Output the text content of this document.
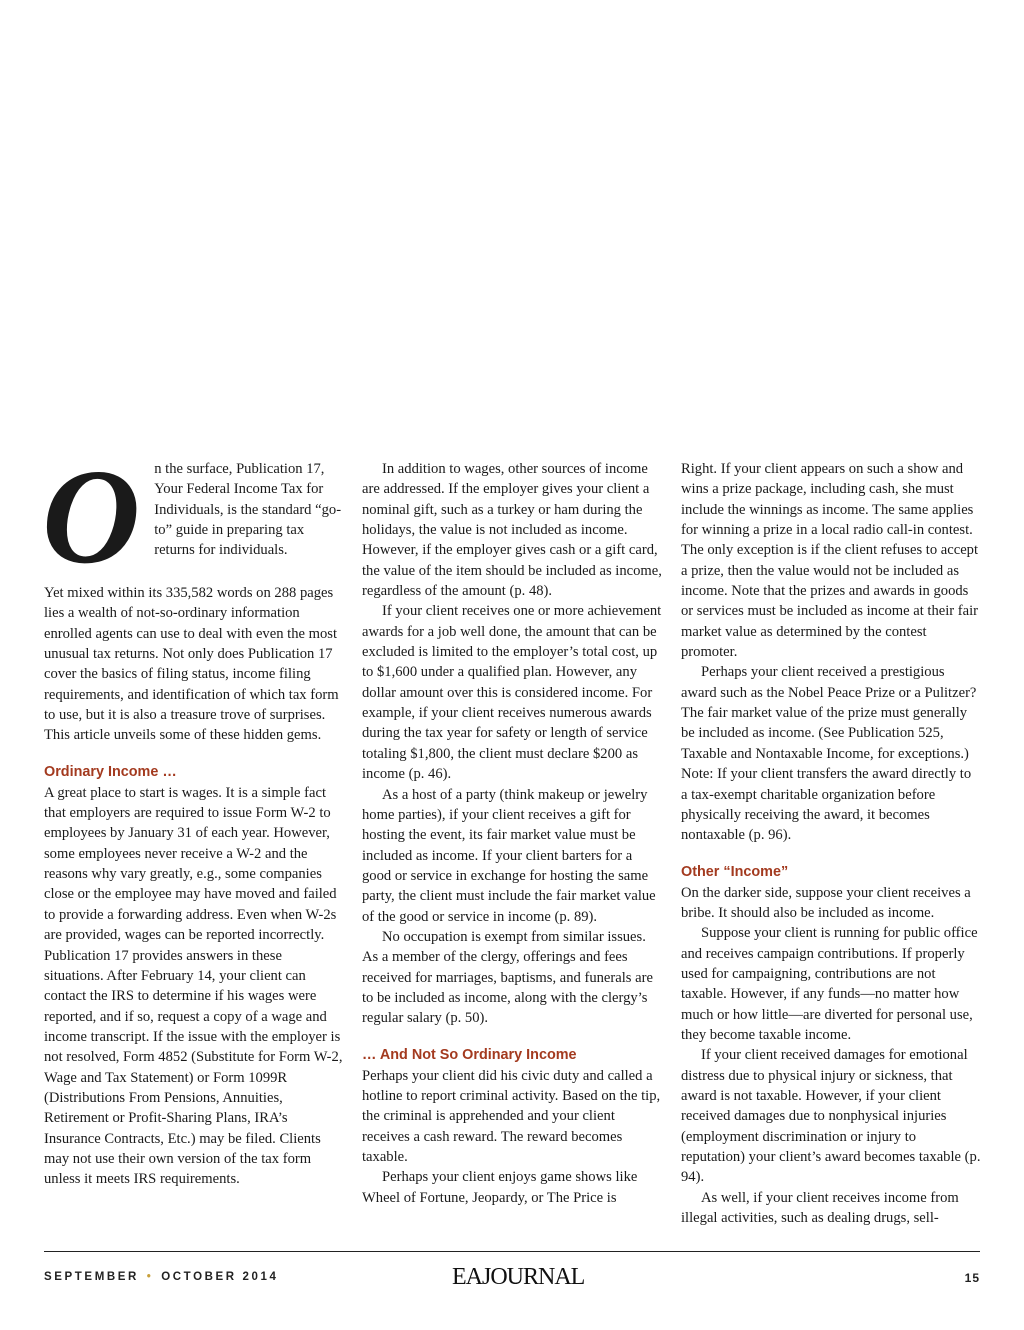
O n the surface, Publication 17, Your Federal Income Tax for Individuals, is the standard “go-to” guide in preparing tax returns for individuals.

Yet mixed within its 335,582 words on 288 pages lies a wealth of not-so-ordinary information enrolled agents can use to deal with even the most unusual tax returns. Not only does Publication 17 cover the basics of filing status, income filing requirements, and identification of which tax form to use, but it is also a treasure trove of surprises. This article unveils some of these hidden gems.

Ordinary Income …

A great place to start is wages. It is a simple fact that employers are required to issue Form W-2 to employees by January 31 of each year. However, some employees never receive a W-2 and the reasons why vary greatly, e.g., some companies close or the employee may have moved and failed to provide a forwarding address. Even when W-2s are provided, wages can be reported incorrectly. Publication 17 provides answers in these situations. After February 14, your client can contact the IRS to determine if his wages were reported, and if so, request a copy of a wage and income transcript. If the issue with the employer is not resolved, Form 4852 (Substitute for Form W-2, Wage and Tax Statement) or Form 1099R (Distributions From Pensions, Annuities, Retirement or Profit-Sharing Plans, IRA’s Insurance Contracts, Etc.) may be filed. Clients may not use their own version of the tax form unless it meets IRS requirements.

In addition to wages, other sources of income are addressed. If the employer gives your client a nominal gift, such as a turkey or ham during the holidays, the value is not included as income. However, if the employer gives cash or a gift card, the value of the item should be included as income, regardless of the amount (p. 48).

If your client receives one or more achievement awards for a job well done, the amount that can be excluded is limited to the employer’s total cost, up to $1,600 under a qualified plan. However, any dollar amount over this is considered income. For example, if your client receives numerous awards during the tax year for safety or length of service totaling $1,800, the client must declare $200 as income (p. 46).

As a host of a party (think makeup or jewelry home parties), if your client receives a gift for hosting the event, its fair market value must be included as income. If your client barters for a good or service in exchange for hosting the same party, the client must include the fair market value of the good or service in income (p. 89).

No occupation is exempt from similar issues. As a member of the clergy, offerings and fees received for marriages, baptisms, and funerals are to be included as income, along with the clergy’s regular salary (p. 50).

… And Not So Ordinary Income

Perhaps your client did his civic duty and called a hotline to report criminal activity. Based on the tip, the criminal is apprehended and your client receives a cash reward. The reward becomes taxable.

Perhaps your client enjoys game shows like Wheel of Fortune, Jeopardy, or The Price is

Right. If your client appears on such a show and wins a prize package, including cash, she must include the winnings as income. The same applies for winning a prize in a local radio call-in contest. The only exception is if the client refuses to accept a prize, then the value would not be included as income. Note that the prizes and awards in goods or services must be included as income at their fair market value as determined by the contest promoter.

Perhaps your client received a prestigious award such as the Nobel Peace Prize or a Pulitzer? The fair market value of the prize must generally be included as income. (See Publication 525, Taxable and Nontaxable Income, for exceptions.) Note: If your client transfers the award directly to a tax-exempt charitable organization before physically receiving the award, it becomes nontaxable (p. 96).

Other “Income”

On the darker side, suppose your client receives a bribe. It should also be included as income.

Suppose your client is running for public office and receives campaign contributions. If properly used for campaigning, contributions are not taxable. However, if any funds—no matter how much or how little—are diverted for personal use, they become taxable income.

If your client received damages for emotional distress due to physical injury or sickness, that award is not taxable. However, if your client received damages due to nonphysical injuries (employment discrimination or injury to reputation) your client’s award becomes taxable (p. 94).

As well, if your client receives income from illegal activities, such as dealing drugs, sell-

SEPTEMBER • OCTOBER 2014	EAJOURNAL	15
